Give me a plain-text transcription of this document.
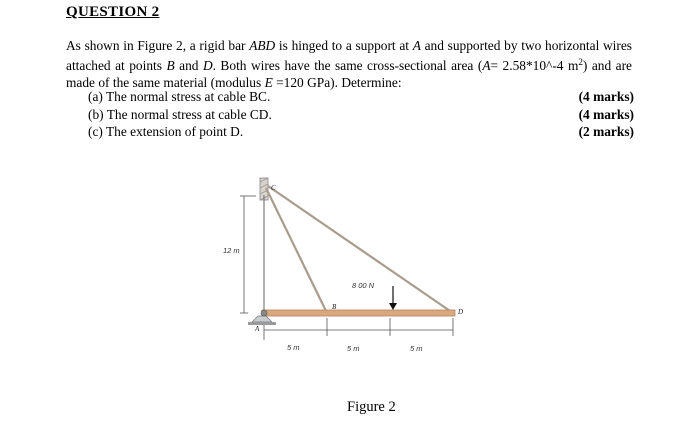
QUESTION 2
As shown in Figure 2, a rigid bar ABD is hinged to a support at A and supported by two horizontal wires attached at points B and D. Both wires have the same cross-sectional area (A= 2.58*10^-4 $m^2$) and are made of the same material (modulus E =120 GPa). Determine:
(a) The normal stress at cable BC.	(4 marks)
(b) The normal stress at cable CD.	(4 marks)
(c) The extension of point D.	(2 marks)
12 m
8 00 N
C
B
D
A
5 m	5 m	5 m
Figure 2
